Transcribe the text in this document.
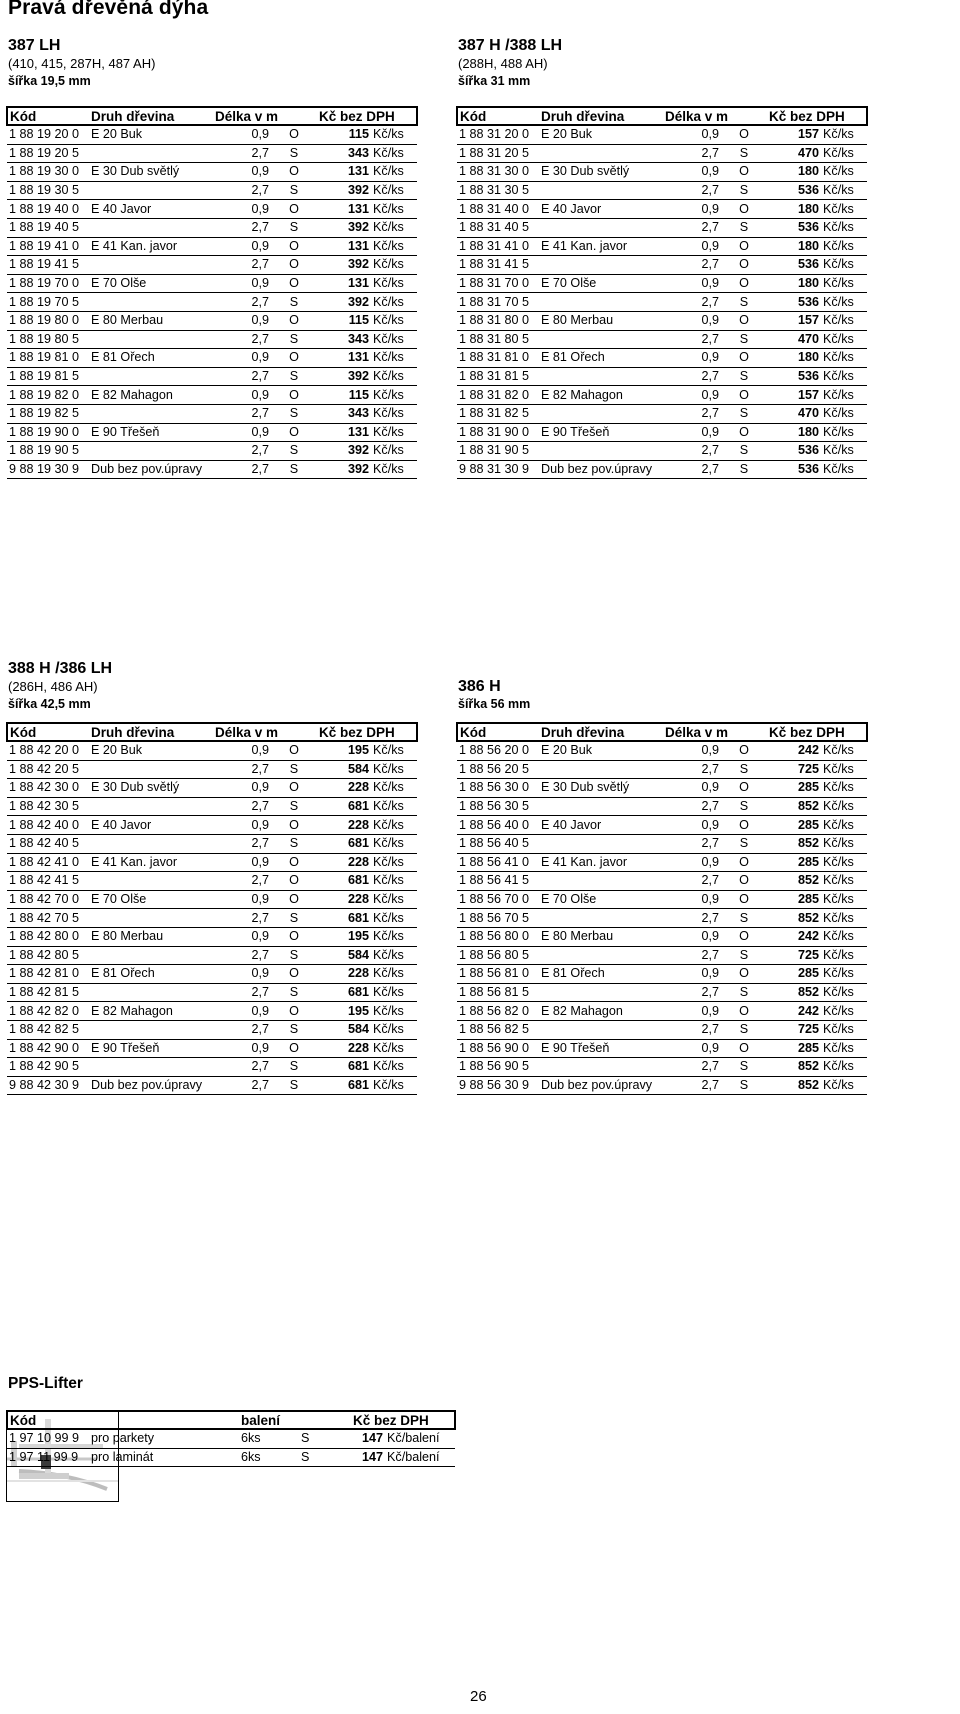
Pravá dřevěná dýha
387 LH
(410, 415, 287H, 487 AH)
šířka 19,5 mm
387 H /388 LH
(288H, 488 AH)
šířka 31 mm
388 H /386 LH
(286H, 486 AH)
šířka 42,5 mm
386 H
šířka 56 mm
Kód	Druh dřevina	Délka v m		Kč bez DPH	
1 88 19 20 0	E 20 Buk	0,9	O	115	Kč/ks
1 88 19 20 5		2,7	S	343	Kč/ks
1 88 19 30 0	E 30 Dub světlý	0,9	O	131	Kč/ks
1 88 19 30 5		2,7	S	392	Kč/ks
1 88 19 40 0	E 40 Javor	0,9	O	131	Kč/ks
1 88 19 40 5		2,7	S	392	Kč/ks
1 88 19 41 0	E 41 Kan. javor	0,9	O	131	Kč/ks
1 88 19 41 5		2,7	O	392	Kč/ks
1 88 19 70 0	E 70 Olše	0,9	O	131	Kč/ks
1 88 19 70 5		2,7	S	392	Kč/ks
1 88 19 80 0	E 80 Merbau	0,9	O	115	Kč/ks
1 88 19 80 5		2,7	S	343	Kč/ks
1 88 19 81 0	E 81 Ořech	0,9	O	131	Kč/ks
1 88 19 81 5		2,7	S	392	Kč/ks
1 88 19 82 0	E 82 Mahagon	0,9	O	115	Kč/ks
1 88 19 82 5		2,7	S	343	Kč/ks
1 88 19 90 0	E 90 Třešeň	0,9	O	131	Kč/ks
1 88 19 90 5		2,7	S	392	Kč/ks
9 88 19 30 9	Dub bez pov.úpravy	2,7	S	392	Kč/ks
Kód	Druh dřevina	Délka v m		Kč bez DPH	
1 88 31 20 0	E 20 Buk	0,9	O	157	Kč/ks
1 88 31 20 5		2,7	S	470	Kč/ks
1 88 31 30 0	E 30 Dub světlý	0,9	O	180	Kč/ks
1 88 31 30 5		2,7	S	536	Kč/ks
1 88 31 40 0	E 40 Javor	0,9	O	180	Kč/ks
1 88 31 40 5		2,7	S	536	Kč/ks
1 88 31 41 0	E 41 Kan. javor	0,9	O	180	Kč/ks
1 88 31 41 5		2,7	O	536	Kč/ks
1 88 31 70 0	E 70 Olše	0,9	O	180	Kč/ks
1 88 31 70 5		2,7	S	536	Kč/ks
1 88 31 80 0	E 80 Merbau	0,9	O	157	Kč/ks
1 88 31 80 5		2,7	S	470	Kč/ks
1 88 31 81 0	E 81 Ořech	0,9	O	180	Kč/ks
1 88 31 81 5		2,7	S	536	Kč/ks
1 88 31 82 0	E 82 Mahagon	0,9	O	157	Kč/ks
1 88 31 82 5		2,7	S	470	Kč/ks
1 88 31 90 0	E 90 Třešeň	0,9	O	180	Kč/ks
1 88 31 90 5		2,7	S	536	Kč/ks
9 88 31 30 9	Dub bez pov.úpravy	2,7	S	536	Kč/ks
Kód	Druh dřevina	Délka v m		Kč bez DPH	
1 88 42 20 0	E 20 Buk	0,9	O	195	Kč/ks
1 88 42 20 5		2,7	S	584	Kč/ks
1 88 42 30 0	E 30 Dub světlý	0,9	O	228	Kč/ks
1 88 42 30 5		2,7	S	681	Kč/ks
1 88 42 40 0	E 40 Javor	0,9	O	228	Kč/ks
1 88 42 40 5		2,7	S	681	Kč/ks
1 88 42 41 0	E 41 Kan. javor	0,9	O	228	Kč/ks
1 88 42 41 5		2,7	O	681	Kč/ks
1 88 42 70 0	E 70 Olše	0,9	O	228	Kč/ks
1 88 42 70 5		2,7	S	681	Kč/ks
1 88 42 80 0	E 80 Merbau	0,9	O	195	Kč/ks
1 88 42 80 5		2,7	S	584	Kč/ks
1 88 42 81 0	E 81 Ořech	0,9	O	228	Kč/ks
1 88 42 81 5		2,7	S	681	Kč/ks
1 88 42 82 0	E 82 Mahagon	0,9	O	195	Kč/ks
1 88 42 82 5		2,7	S	584	Kč/ks
1 88 42 90 0	E 90 Třešeň	0,9	O	228	Kč/ks
1 88 42 90 5		2,7	S	681	Kč/ks
9 88 42 30 9	Dub bez pov.úpravy	2,7	S	681	Kč/ks
Kód	Druh dřevina	Délka v m		Kč bez DPH	
1 88 56 20 0	E 20 Buk	0,9	O	242	Kč/ks
1 88 56 20 5		2,7	S	725	Kč/ks
1 88 56 30 0	E 30 Dub světlý	0,9	O	285	Kč/ks
1 88 56 30 5		2,7	S	852	Kč/ks
1 88 56 40 0	E 40 Javor	0,9	O	285	Kč/ks
1 88 56 40 5		2,7	S	852	Kč/ks
1 88 56 41 0	E 41 Kan. javor	0,9	O	285	Kč/ks
1 88 56 41 5		2,7	O	852	Kč/ks
1 88 56 70 0	E 70 Olše	0,9	O	285	Kč/ks
1 88 56 70 5		2,7	S	852	Kč/ks
1 88 56 80 0	E 80 Merbau	0,9	O	242	Kč/ks
1 88 56 80 5		2,7	S	725	Kč/ks
1 88 56 81 0	E 81 Ořech	0,9	O	285	Kč/ks
1 88 56 81 5		2,7	S	852	Kč/ks
1 88 56 82 0	E 82 Mahagon	0,9	O	242	Kč/ks
1 88 56 82 5		2,7	S	725	Kč/ks
1 88 56 90 0	E 90 Třešeň	0,9	O	285	Kč/ks
1 88 56 90 5		2,7	S	852	Kč/ks
9 88 56 30 9	Dub bez pov.úpravy	2,7	S	852	Kč/ks
PPS-Lifter
Kód		balení		Kč bez DPH	
1 97 10 99 9	pro parkety	6ks	S	147	Kč/balení
1 97 11 99 9	pro laminát	6ks	S	147	Kč/balení
26
